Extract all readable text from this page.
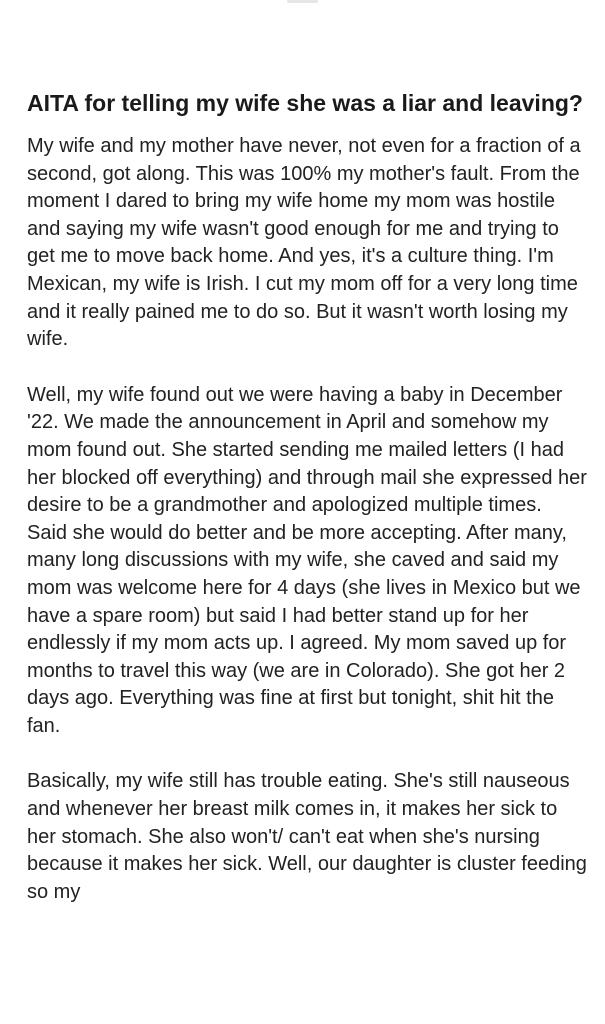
AITA for telling my wife she was a liar and leaving?

My wife and my mother have never, not even for a fraction of a second, got along. This was 100% my mother's fault. From the moment I dared to bring my wife home my mom was hostile and saying my wife wasn't good enough for me and trying to get me to move back home. And yes, it's a culture thing. I'm Mexican, my wife is Irish. I cut my mom off for a very long time and it really pained me to do so. But it wasn't worth losing my wife.

Well, my wife found out we were having a baby in December '22. We made the announcement in April and somehow my mom found out. She started sending me mailed letters (I had her blocked off everything) and through mail she expressed her desire to be a grandmother and apologized multiple times. Said she would do better and be more accepting. After many, many long discussions with my wife, she caved and said my mom was welcome here for 4 days (she lives in Mexico but we have a spare room) but said I had better stand up for her endlessly if my mom acts up. I agreed. My mom saved up for months to travel this way (we are in Colorado). She got her 2 days ago. Everything was fine at first but tonight, shit hit the fan.

Basically, my wife still has trouble eating. She's still nauseous and whenever her breast milk comes in, it makes her sick to her stomach. She also won't/ can't eat when she's nursing because it makes her sick. Well, our daughter is cluster feeding so my
